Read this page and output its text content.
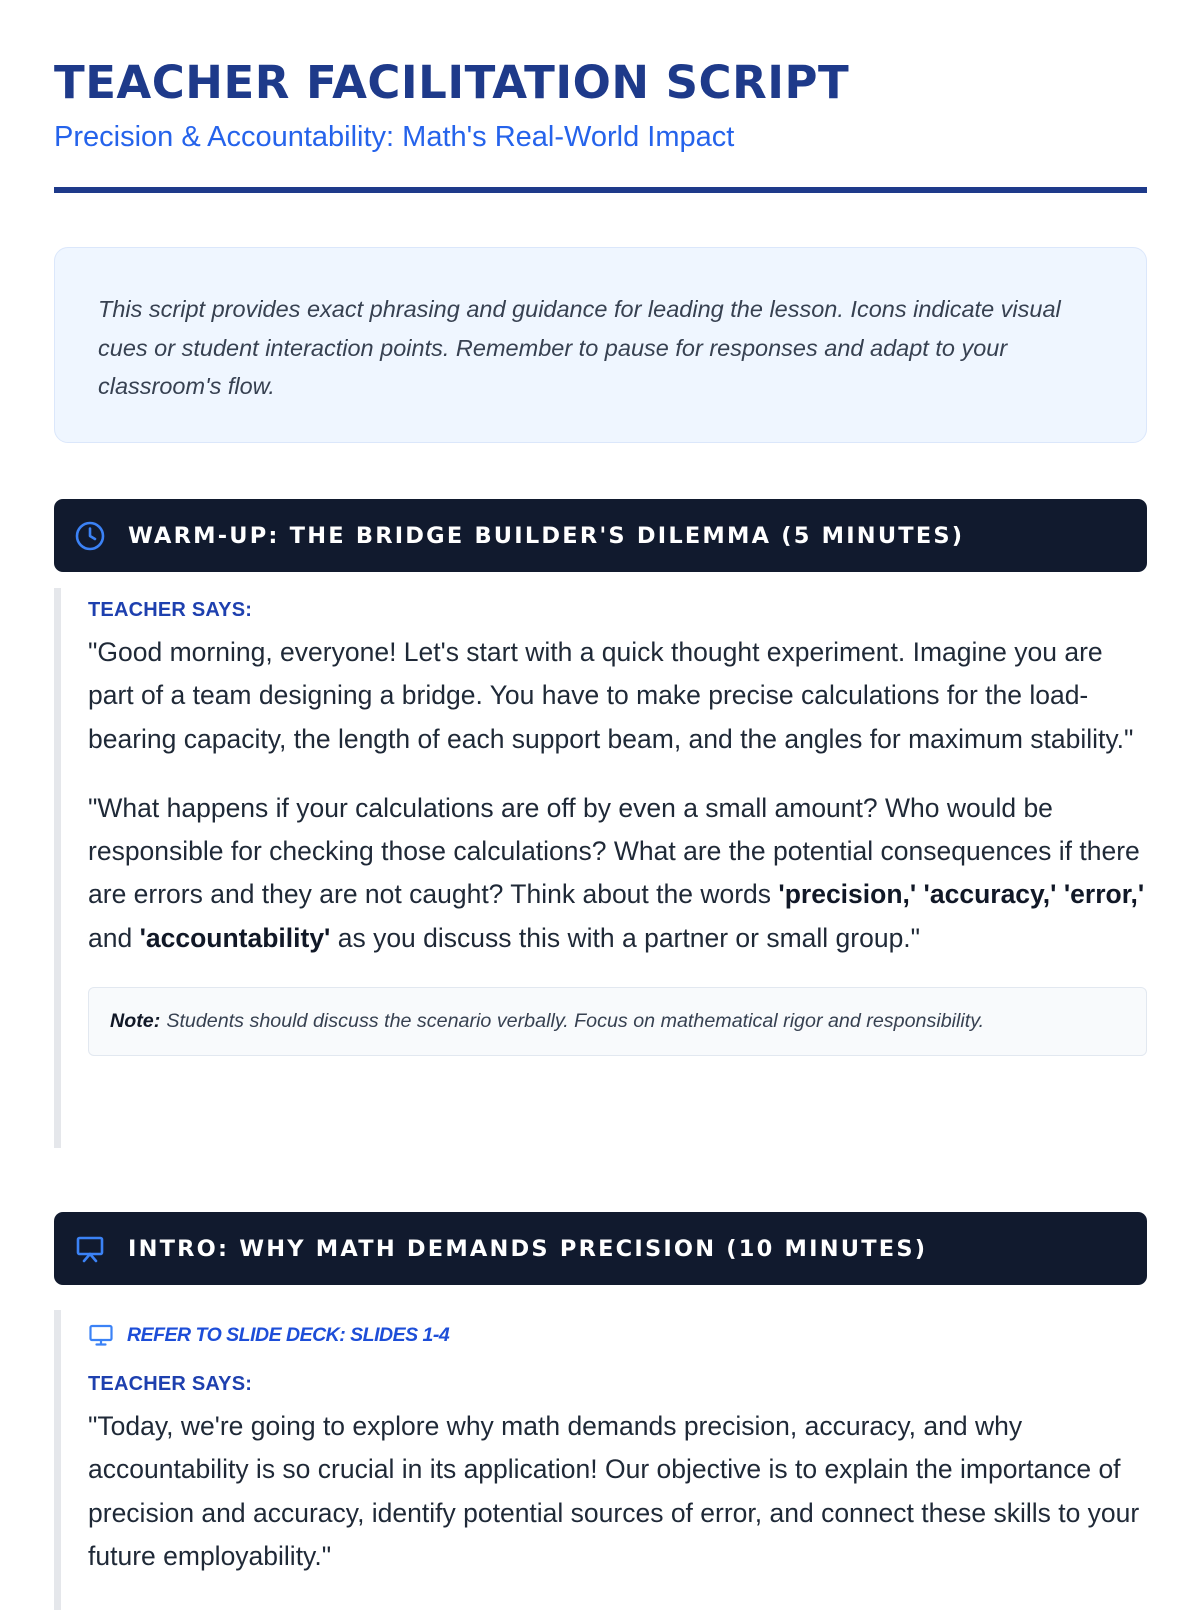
TEACHER FACILITATION SCRIPT
Precision & Accountability: Math's Real-World Impact
This script provides exact phrasing and guidance for leading the lesson. Icons indicate visual cues or student interaction points. Remember to pause for responses and adapt to your classroom's flow.
WARM-UP: THE BRIDGE BUILDER'S DILEMMA (5 MINUTES)
TEACHER SAYS:

"Good morning, everyone! Let's start with a quick thought experiment. Imagine you are part of a team designing a bridge. You have to make precise calculations for the load-bearing capacity, the length of each support beam, and the angles for maximum stability."

"What happens if your calculations are off by even a small amount? Who would be responsible for checking those calculations? What are the potential consequences if there are errors and they are not caught? Think about the words 'precision,' 'accuracy,' 'error,' and 'accountability' as you discuss this with a partner or small group."

Note: Students should discuss the scenario verbally. Focus on mathematical rigor and responsibility.
INTRO: WHY MATH DEMANDS PRECISION (10 MINUTES)
REFER TO SLIDE DECK: SLIDES 1-4
TEACHER SAYS:

"Today, we're going to explore why math demands precision, accuracy, and why accountability is so crucial in its application! Our objective is to explain the importance of precision and accuracy, identify potential sources of error, and connect these skills to your future employability."
